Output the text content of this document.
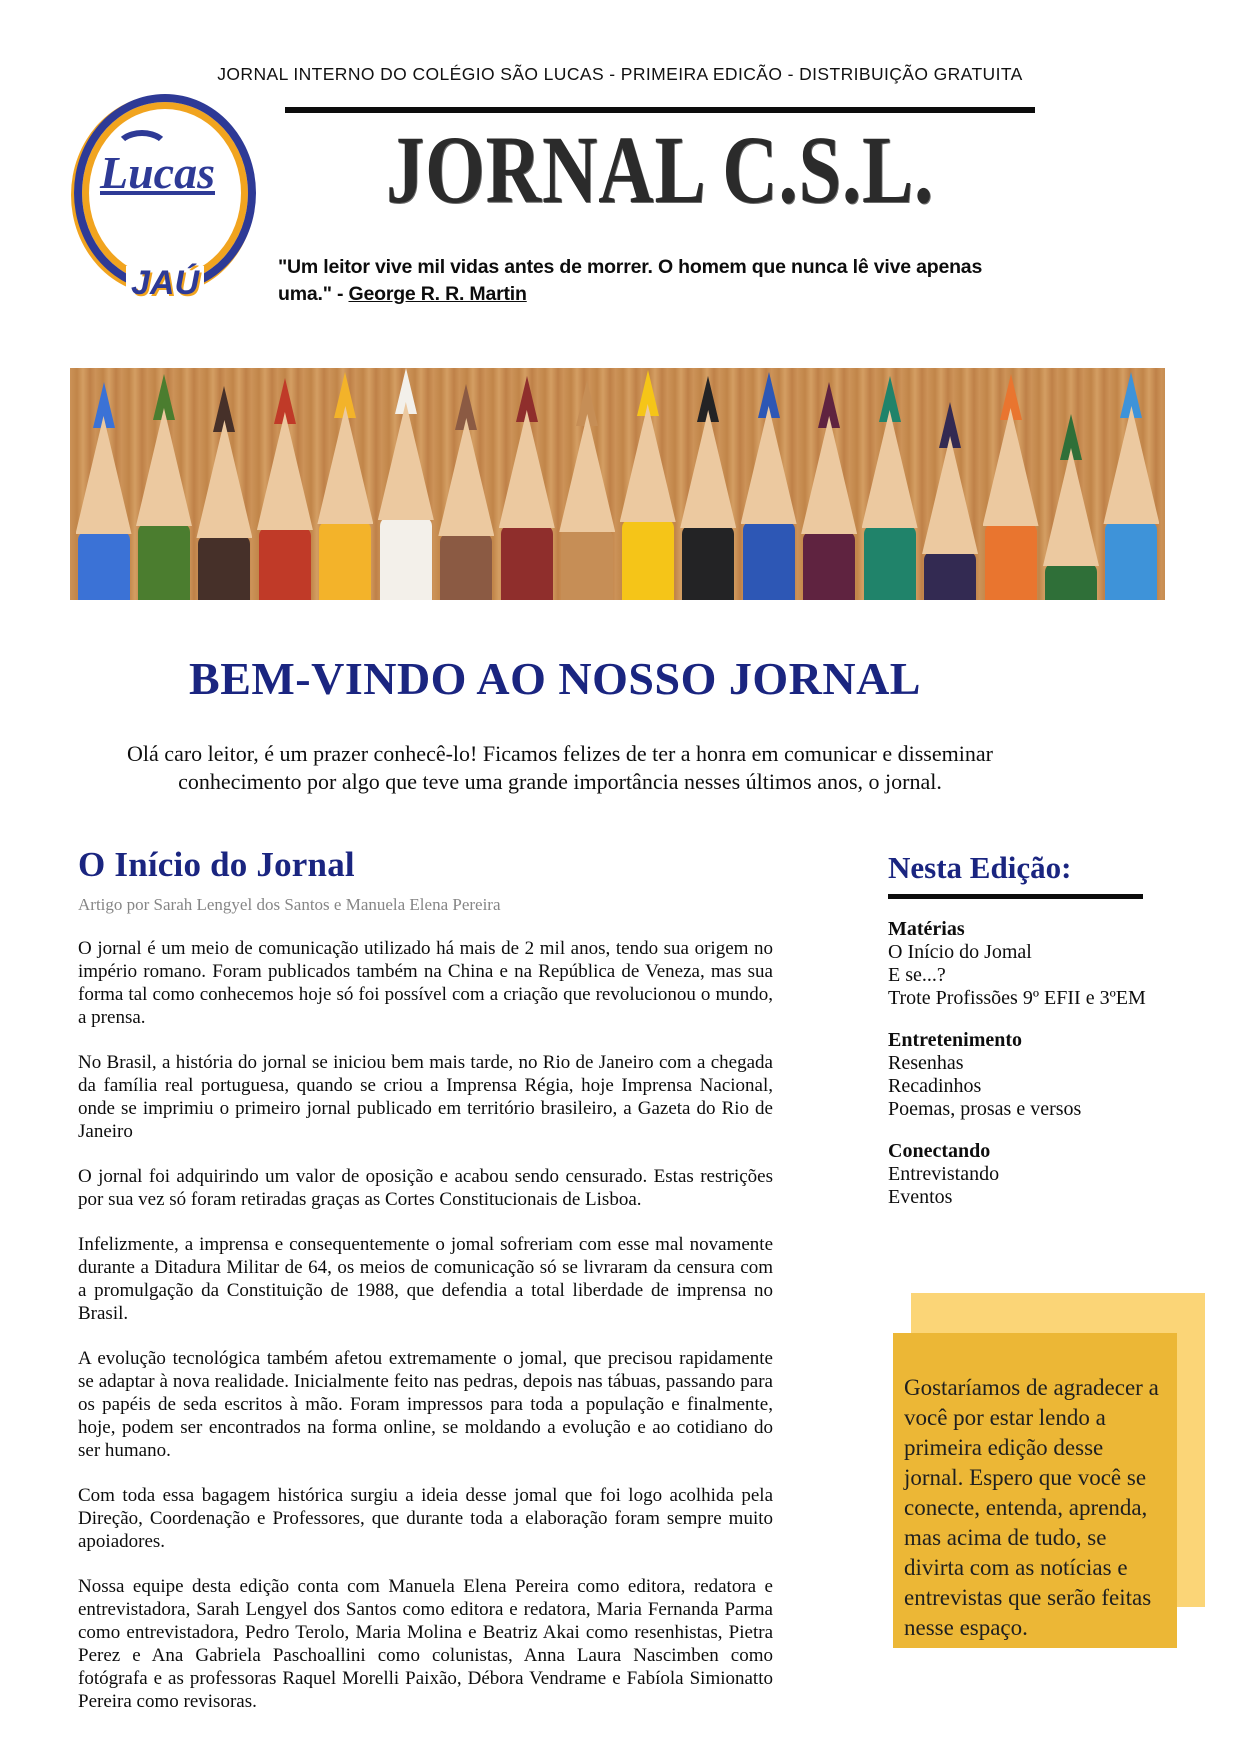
JORNAL INTERNO DO COLÉGIO SÃO LUCAS - PRIMEIRA EDICÃO - DISTRIBUIÇÃO GRATUITA
Lucas
JAÚ
JORNAL C.S.L.

"Um leitor vive mil vidas antes de morrer. O homem que nunca lê vive apenas uma." - George R. R. Martin

BEM-VINDO AO NOSSO JORNAL

Olá caro leitor, é um prazer conhecê-lo! Ficamos felizes de ter a honra em comunicar e disseminar conhecimento por algo que teve uma grande importância nesses últimos anos, o jornal.

O Início do Jornal
Artigo por Sarah Lengyel dos Santos e Manuela Elena Pereira

O jornal é um meio de comunicação utilizado há mais de 2 mil anos, tendo sua origem no império romano. Foram publicados também na China e na República de Veneza, mas sua forma tal como conhecemos hoje só foi possível com a criação que revolucionou o mundo, a prensa.

No Brasil, a história do jornal se iniciou bem mais tarde, no Rio de Janeiro com a chegada da família real portuguesa, quando se criou a Imprensa Régia, hoje Imprensa Nacional, onde se imprimiu o primeiro jornal publicado em território brasileiro, a Gazeta do Rio de Janeiro

O jornal foi adquirindo um valor de oposição e acabou sendo censurado. Estas restrições por sua vez só foram retiradas graças as Cortes Constitucionais de Lisboa.

Infelizmente, a imprensa e consequentemente o jomal sofreriam com esse mal novamente durante a Ditadura Militar de 64, os meios de comunicação só se livraram da censura com a promulgação da Constituição de 1988, que defendia a total liberdade de imprensa no Brasil.

A evolução tecnológica também afetou extremamente o jomal, que precisou rapidamente se adaptar à nova realidade. Inicialmente feito nas pedras, depois nas tábuas, passando para os papéis de seda escritos à mão. Foram impressos para toda a população e finalmente, hoje, podem ser encontrados na forma online, se moldando a evolução e ao cotidiano do ser humano.

Com toda essa bagagem histórica surgiu a ideia desse jomal que foi logo acolhida pela Direção, Coordenação e Professores, que durante toda a elaboração foram sempre muito apoiadores.

Nossa equipe desta edição conta com Manuela Elena Pereira como editora, redatora e entrevistadora, Sarah Lengyel dos Santos como editora e redatora, Maria Fernanda Parma como entrevistadora, Pedro Terolo, Maria Molina e Beatriz Akai como resenhistas, Pietra Perez e Ana Gabriela Paschoallini como colunistas, Anna Laura Nascimben como fotógrafa e as professoras Raquel Morelli Paixão, Débora Vendrame e Fabíola Simionatto Pereira como revisoras.

Nesta Edição:
Matérias
O Início do Jomal
E se...?
Trote Profissões 9º EFII e 3ºEM
Entretenimento
Resenhas
Recadinhos
Poemas, prosas e versos
Conectando
Entrevistando
Eventos

Gostaríamos de agradecer a você por estar lendo a primeira edição desse jornal. Espero que você se conecte, entenda, aprenda, mas acima de tudo, se divirta com as notícias e entrevistas que serão feitas nesse espaço.
